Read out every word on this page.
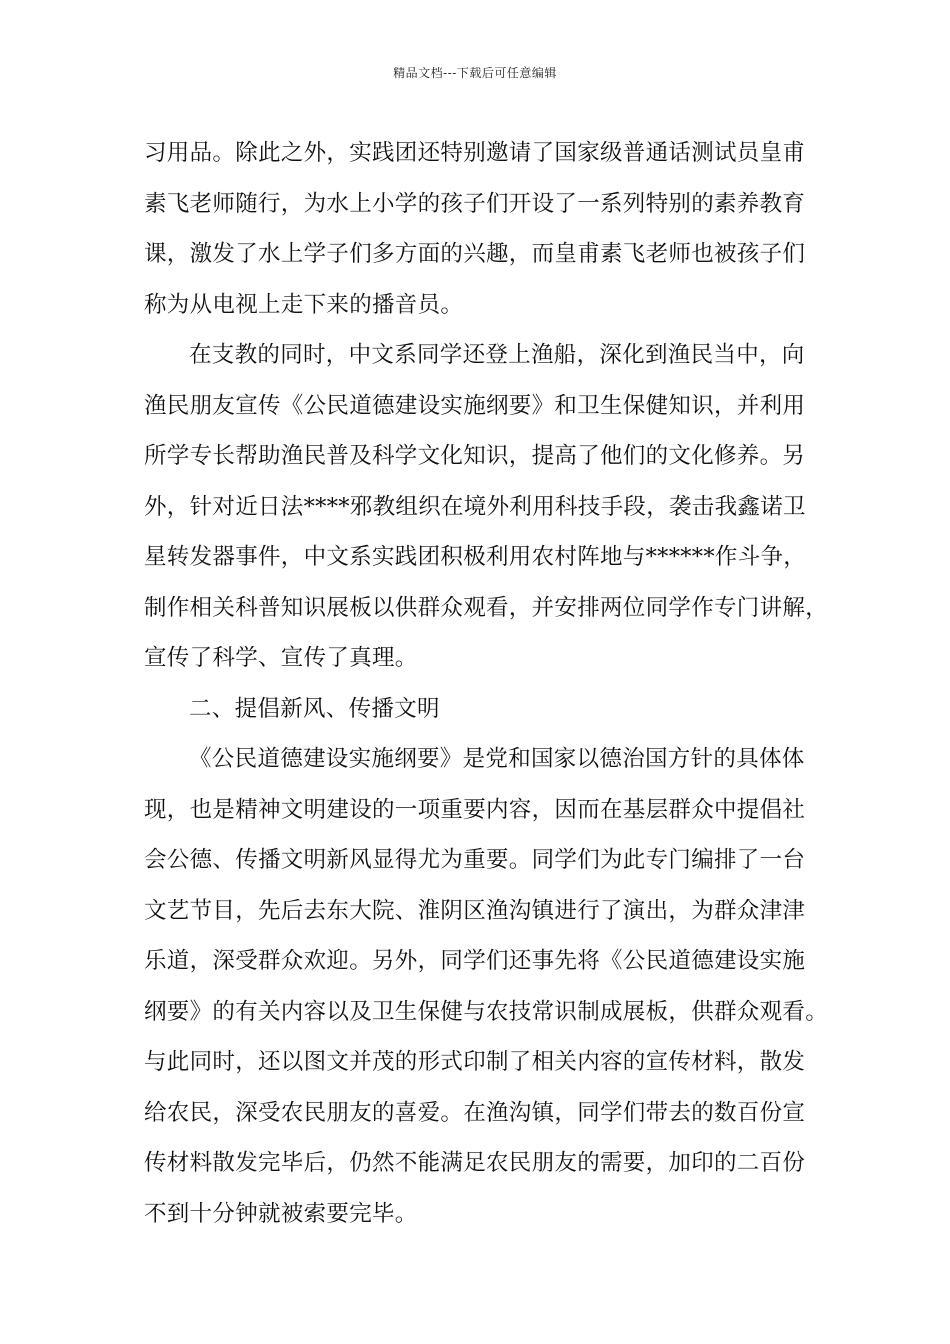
精品文档---下载后可任意编辑
习用品。除此之外，实践团还特别邀请了国家级普通话测试员皇甫
素飞老师随行，为水上小学的孩子们开设了一系列特别的素养教育
课，激发了水上学子们多方面的兴趣，而皇甫素飞老师也被孩子们
称为从电视上走下来的播音员。
在支教的同时，中文系同学还登上渔船，深化到渔民当中，向
渔民朋友宣传《公民道德建设实施纲要》和卫生保健知识，并利用
所学专长帮助渔民普及科学文化知识，提高了他们的文化修养。另
外，针对近日法****邪教组织在境外利用科技手段，袭击我鑫诺卫
星转发器事件，中文系实践团积极利用农村阵地与******作斗争，
制作相关科普知识展板以供群众观看，并安排两位同学作专门讲解，
宣传了科学、宣传了真理。
二、提倡新风、传播文明
《公民道德建设实施纲要》是党和国家以德治国方针的具体体
现，也是精神文明建设的一项重要内容，因而在基层群众中提倡社
会公德、传播文明新风显得尤为重要。同学们为此专门编排了一台
文艺节目，先后去东大院、淮阴区渔沟镇进行了演出，为群众津津
乐道，深受群众欢迎。另外，同学们还事先将《公民道德建设实施
纲要》的有关内容以及卫生保健与农技常识制成展板，供群众观看。
与此同时，还以图文并茂的形式印制了相关内容的宣传材料，散发
给农民，深受农民朋友的喜爱。在渔沟镇，同学们带去的数百份宣
传材料散发完毕后，仍然不能满足农民朋友的需要，加印的二百份
不到十分钟就被索要完毕。
